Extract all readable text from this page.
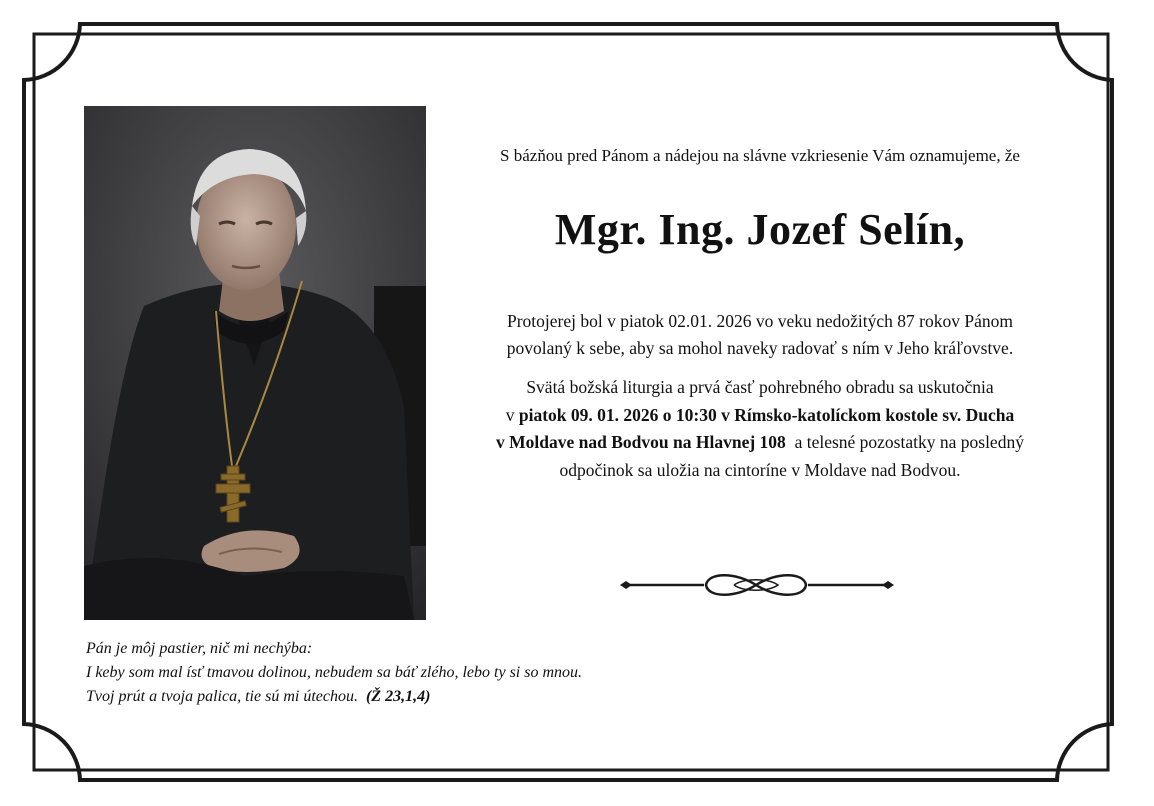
S bázňou pred Pánom a nádejou na slávne vzkriesenie Vám oznamujeme, že
Mgr. Ing. Jozef Selín,
Protojerej bol v piatok 02.01. 2026 vo veku nedožitých 87 rokov Pánom
povolaný k sebe, aby sa mohol naveky radovať s ním v Jeho kráľovstve.
Svätá božská liturgia a prvá časť pohrebného obradu sa uskutočnia
v piatok 09. 01. 2026 o 10:30 v Rímsko-katolíckom kostole sv. Ducha
v Moldave nad Bodvou na Hlavnej 108  a telesné pozostatky na posledný
odpočinok sa uložia na cintoríne v Moldave nad Bodvou.
Pán je môj pastier, nič mi nechýba:
I keby som mal ísť tmavou dolinou, nebudem sa báť zlého, lebo ty si so mnou.
Tvoj prút a tvoja palica, tie sú mi útechou.  (Ž 23,1,4)
